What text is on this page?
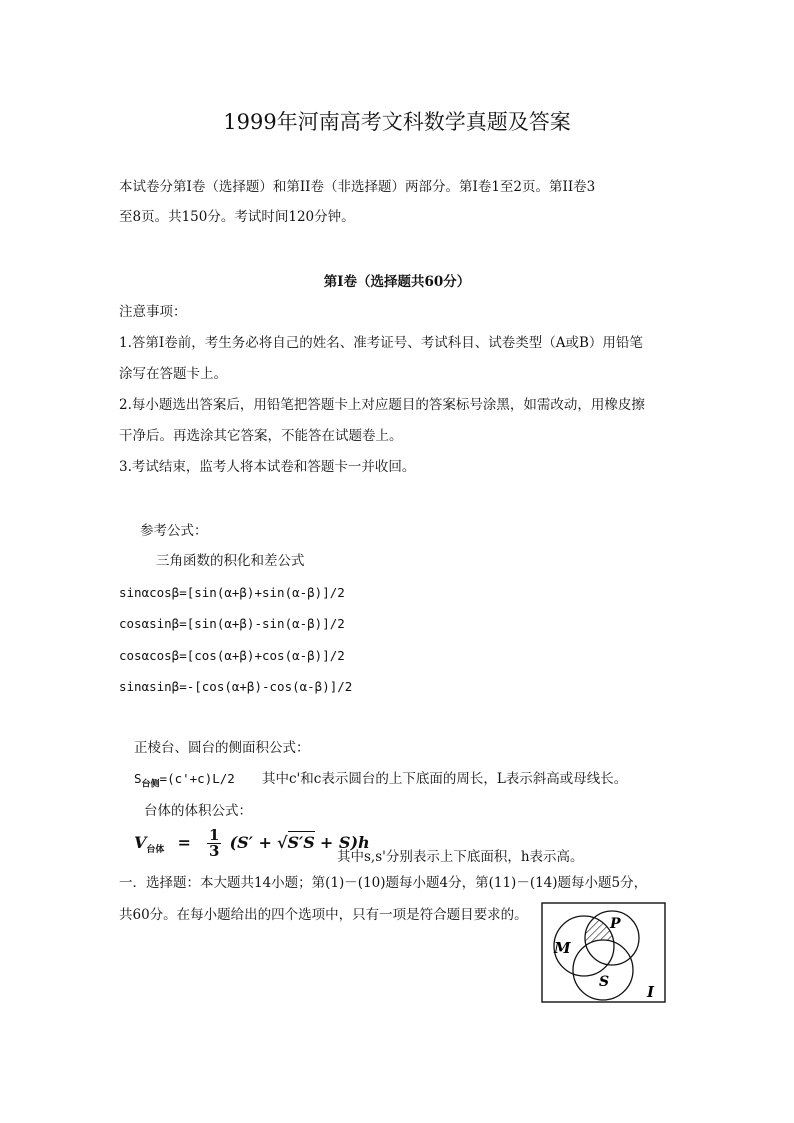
1999年河南高考文科数学真题及答案
本试卷分第Ⅰ卷（选择题）和第II卷（非选择题）两部分。第Ⅰ卷1至2页。第II卷3
至8页。共150分。考试时间120分钟。
第Ⅰ卷（选择题共60分）
注意事项：
1.答第Ⅰ卷前，考生务必将自己的姓名、准考证号、考试科目、试卷类型（A或B）用铅笔
涂写在答题卡上。
2.每小题选出答案后，用铅笔把答题卡上对应题目的答案标号涂黑，如需改动，用橡皮擦
干净后。再选涂其它答案，不能答在试题卷上。
3.考试结束，监考人将本试卷和答题卡一并收回。
参考公式：
三角函数的积化和差公式
sinαcosβ=[sin(α+β)+sin(α-β)]/2
cosαsinβ=[sin(α+β)-sin(α-β)]/2
cosαcosβ=[cos(α+β)+cos(α-β)]/2
sinαsinβ=-[cos(α+β)-cos(α-β)]/2
正棱台、圆台的侧面积公式：
$S_{台侧}=(c'+c)L/2$ 其中c'和c表示圆台的上下底面的周长，L表示斜高或母线长。
台体的体积公式：
$V_{台体} = \frac{1}{3} (S' + √S'S + S)h$
其中s,s'分别表示上下底面积，h表示高。
一．选择题：本大题共14小题；第(1)－(10)题每小题4分，第(11)－(14)题每小题5分，
共60分。在每小题给出的四个选项中，只有一项是符合题目要求的。
M
P
S
I
